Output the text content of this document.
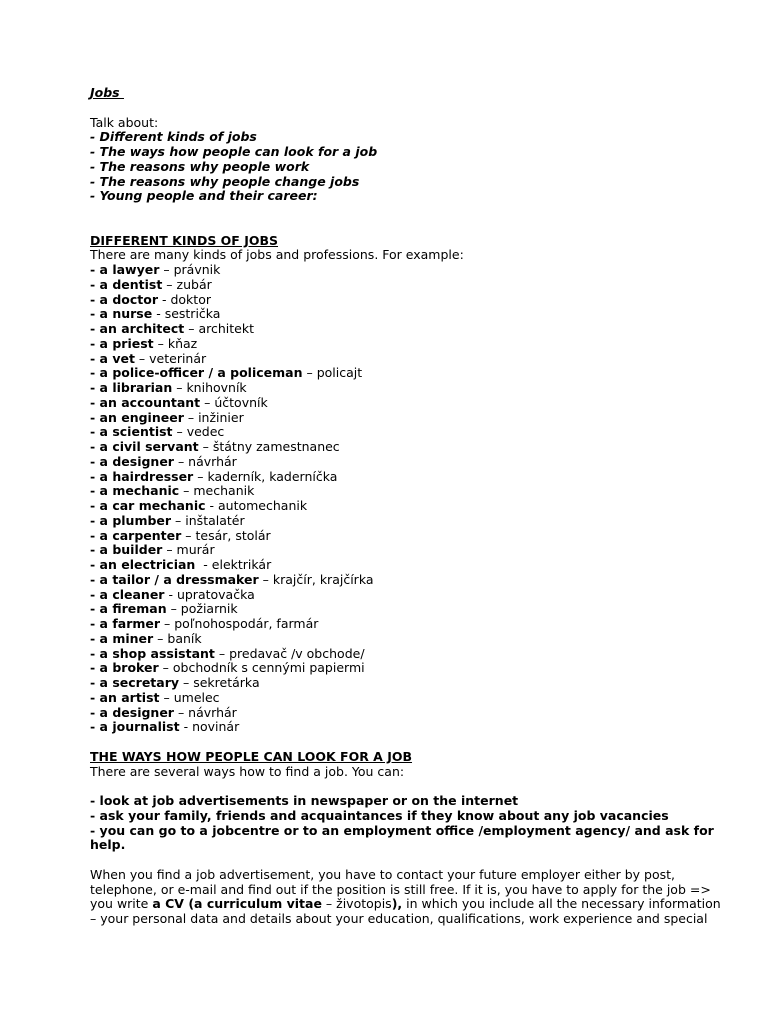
Jobs
Talk about:
- Different kinds of jobs
- The ways how people can look for a job
- The reasons why people work
- The reasons why people change jobs
- Young people and their career:
DIFFERENT KINDS OF JOBS
There are many kinds of jobs and professions. For example:
- a lawyer – právnik
- a dentist – zubár
- a doctor - doktor
- a nurse - sestrička
- an architect – architekt
- a priest – kňaz
- a vet – veterinár
- a police-officer / a policeman – policajt
- a librarian – knihovník
- an accountant – účtovník
- an engineer – inžinier
- a scientist – vedec
- a civil servant – štátny zamestnanec
- a designer – návrhár
- a hairdresser – kaderník, kaderníčka
- a mechanic – mechanik
- a car mechanic - automechanik
- a plumber – inštalatér
- a carpenter – tesár, stolár
- a builder – murár
- an electrician  - elektrikár
- a tailor / a dressmaker – krajčír, krajčírka
- a cleaner - upratovačka
- a fireman – požiarnik
- a farmer – poľnohospodár, farmár
- a miner – baník
- a shop assistant – predavač /v obchode/
- a broker – obchodník s cennými papiermi
- a secretary – sekretárka
- an artist – umelec
- a designer – návrhár
- a journalist - novinár
THE WAYS HOW PEOPLE CAN LOOK FOR A JOB
There are several ways how to find a job. You can:
- look at job advertisements in newspaper or on the internet
- ask your family, friends and acquaintances if they know about any job vacancies
- you can go to a jobcentre or to an employment office /employment agency/ and ask for
help.
When you find a job advertisement, you have to contact your future employer either by post,
telephone, or e-mail and find out if the position is still free. If it is, you have to apply for the job =>
you write a CV (a curriculum vitae – životopis), in which you include all the necessary information
– your personal data and details about your education, qualifications, work experience and special
